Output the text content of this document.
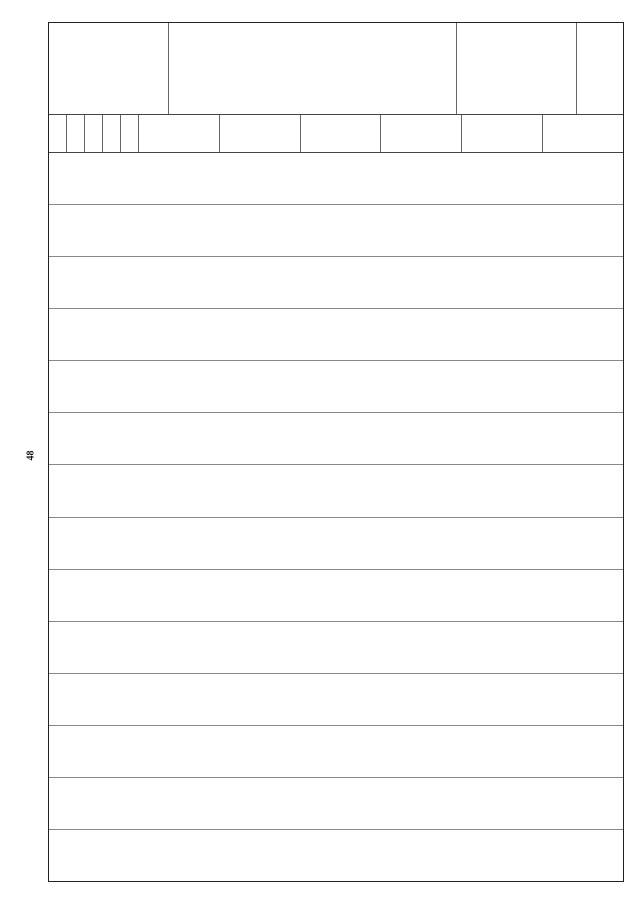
48
